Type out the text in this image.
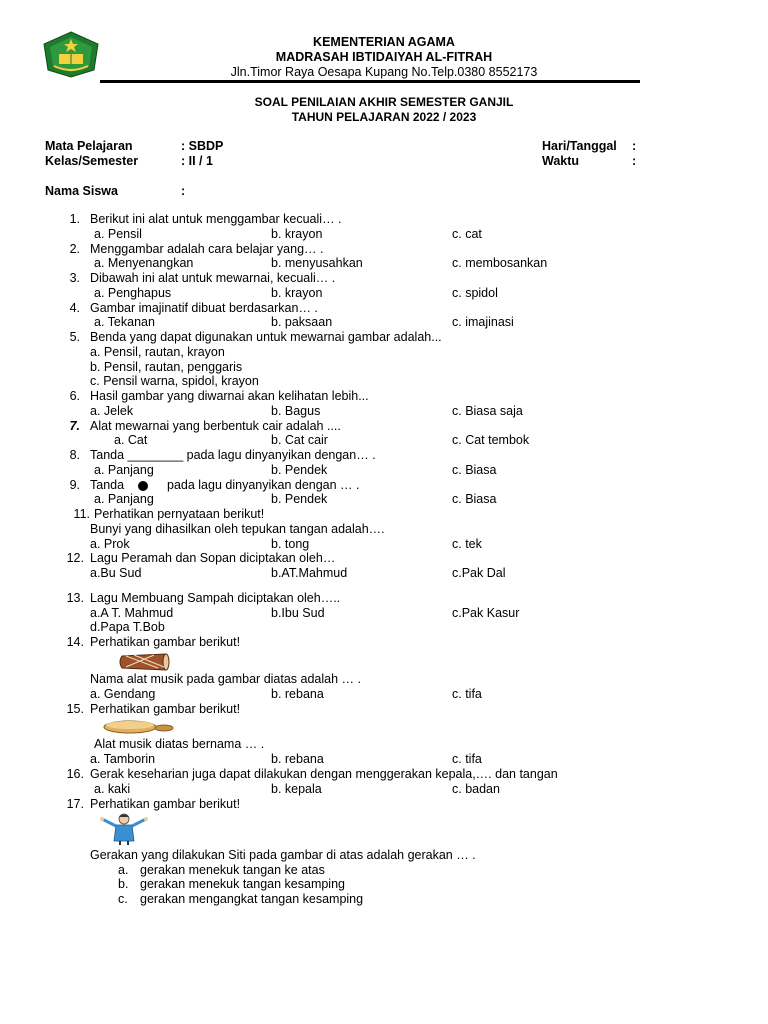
KEMENTERIAN AGAMA
MADRASAH IBTIDAIYAH AL-FITRAH
Jln.Timor Raya Oesapa Kupang No.Telp.0380 8552173
SOAL PENILAIAN AKHIR SEMESTER GANJIL
TAHUN PELAJARAN 2022 / 2023
Mata Pelajaran	: SBDP
Kelas/Semester	: II / 1
Hari/Tanggal :
Waktu	:
Nama Siswa	:
1. Berikut ini alat untuk menggambar kecuali… .
a. Pensil	b. krayon	c. cat
2. Menggambar adalah cara belajar yang… .
a. Menyenangkan	b. menyusahkan	c. membosankan
3. Dibawah ini alat untuk mewarnai, kecuali… .
a. Penghapus	b. krayon	c. spidol
4. Gambar imajinatif dibuat berdasarkan… .
a. Tekanan	b. paksaan	c. imajinasi
5. Benda yang dapat digunakan untuk mewarnai gambar adalah...
a. Pensil, rautan, krayon
b. Pensil, rautan, penggaris
c. Pensil warna, spidol, krayon
6. Hasil gambar yang diwarnai akan kelihatan lebih...
a. Jelek	b. Bagus	c. Biasa saja
7. Alat mewarnai yang berbentuk cair adalah ....
a. Cat	b. Cat cair	c. Cat tembok
8. Tanda ________ pada lagu dinyanyikan dengan… .
a. Panjang	b. Pendek	c. Biasa
9. Tanda	pada lagu dinyanyikan dengan … .
a. Panjang	b. Pendek	c. Biasa
11. Perhatikan pernyataan berikut!
Bunyi yang dihasilkan oleh tepukan tangan adalah….
a. Prok	b. tong	c. tek
12. Lagu Peramah dan Sopan diciptakan oleh…
a.Bu Sud	b.AT.Mahmud	c.Pak Dal
13. Lagu Membuang Sampah diciptakan oleh…..
a.A T. Mahmud	b.Ibu Sud	c.Pak Kasur
d.Papa T.Bob
14. Perhatikan gambar berikut!
Nama alat musik pada gambar diatas adalah … .
a. Gendang	b. rebana	c. tifa
15. Perhatikan gambar berikut!
Alat musik diatas bernama … .
a. Tamborin	b. rebana	c. tifa
16. Gerak keseharian juga dapat dilakukan dengan menggerakan kepala,…. dan tangan
a. kaki	b. kepala	c. badan
17. Perhatikan gambar berikut!
Gerakan yang dilakukan Siti pada gambar di atas adalah gerakan … .
a. gerakan menekuk tangan ke atas
b. gerakan menekuk tangan kesamping
c. gerakan mengangkat tangan kesamping
